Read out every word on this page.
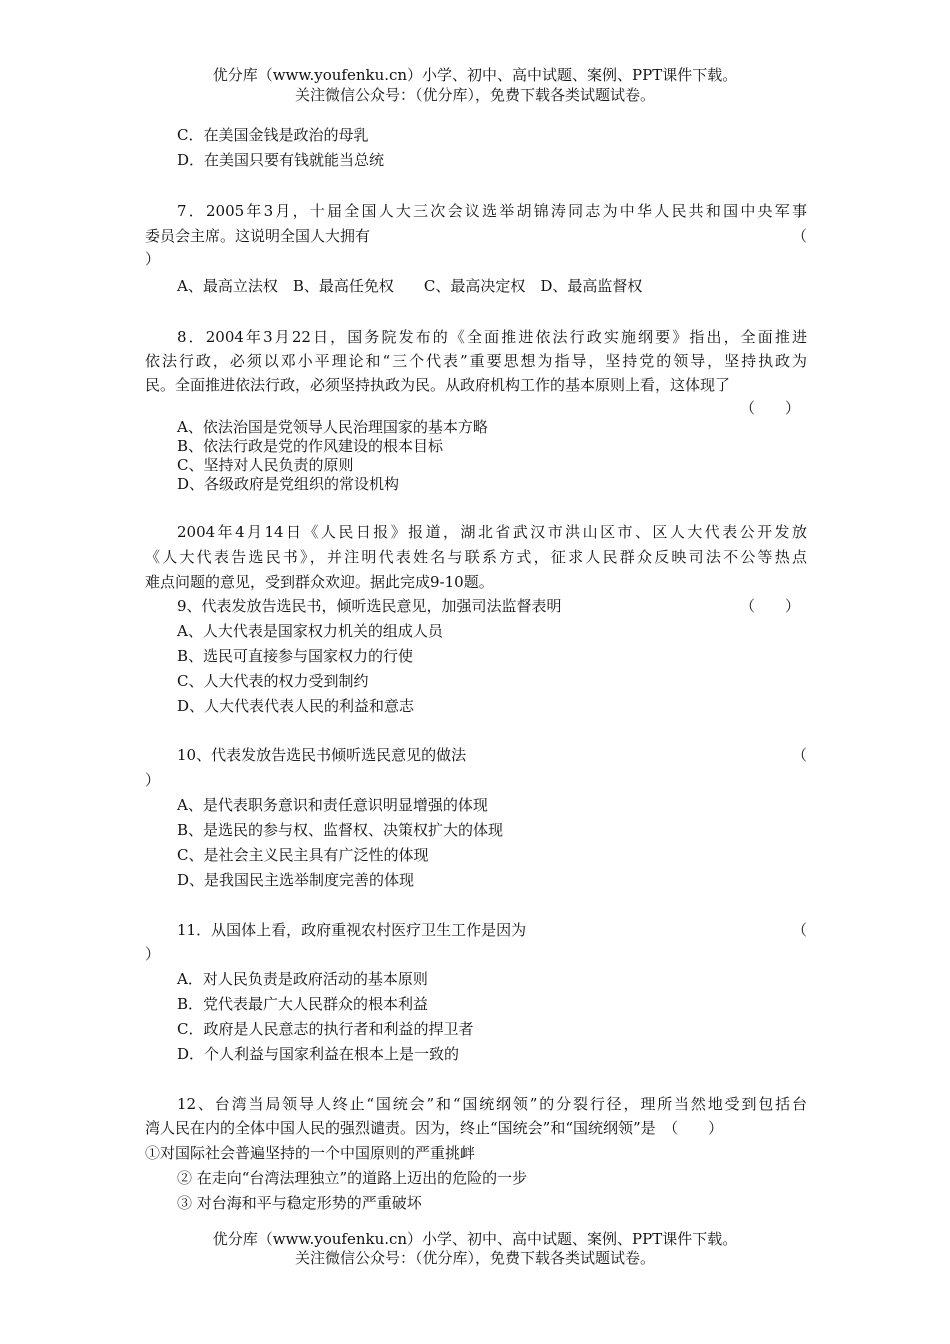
优分库（www.youfenku.cn）小学、初中、高中试题、案例、PPT课件下载。
关注微信公众号：（优分库），免费下载各类试题试卷。
C．在美国金钱是政治的母乳
D．在美国只要有钱就能当总统
7．2005年3月，十届全国人大三次会议选举胡锦涛同志为中华人民共和国中央军事
委员会主席。这说明全国人大拥有	（
）
A、最高立法权　B、最高任免权　　C、最高决定权　D、最高监督权
8．2004年3月22日，国务院发布的《全面推进依法行政实施纲要》指出，全面推进
依法行政，必须以邓小平理论和“三个代表”重要思想为指导，坚持党的领导，坚持执政为
民。全面推进依法行政，必须坚持执政为民。从政府机构工作的基本原则上看，这体现了
（　　）
A、依法治国是党领导人民治理国家的基本方略
B、依法行政是党的作风建设的根本目标
C、坚持对人民负责的原则
D、各级政府是党组织的常设机构
2004年4月14日《人民日报》报道，湖北省武汉市洪山区市、区人大代表公开发放
《人大代表告选民书》，并注明代表姓名与联系方式，征求人民群众反映司法不公等热点
难点问题的意见，受到群众欢迎。据此完成9-10题。
9、代表发放告选民书，倾听选民意见，加强司法监督表明	（　　）
A、人大代表是国家权力机关的组成人员
B、选民可直接参与国家权力的行使
C、人大代表的权力受到制约
D、人大代表代表人民的利益和意志
10、代表发放告选民书倾听选民意见的做法	（
）
A、是代表职务意识和责任意识明显增强的体现
B、是选民的参与权、监督权、决策权扩大的体现
C、是社会主义民主具有广泛性的体现
D、是我国民主选举制度完善的体现
11．从国体上看，政府重视农村医疗卫生工作是因为	（
）
A．对人民负责是政府活动的基本原则
B．党代表最广大人民群众的根本利益
C．政府是人民意志的执行者和利益的捍卫者
D．个人利益与国家利益在根本上是一致的
12、台湾当局领导人终止“国统会”和“国统纲领”的分裂行径，理所当然地受到包括台
湾人民在内的全体中国人民的强烈谴责。因为，终止“国统会”和“国统纲领”是　（　　）
①对国际社会普遍坚持的一个中国原则的严重挑衅
② 在走向“台湾法理独立”的道路上迈出的危险的一步
③ 对台海和平与稳定形势的严重破坏
优分库（www.youfenku.cn）小学、初中、高中试题、案例、PPT课件下载。
关注微信公众号：（优分库），免费下载各类试题试卷。
